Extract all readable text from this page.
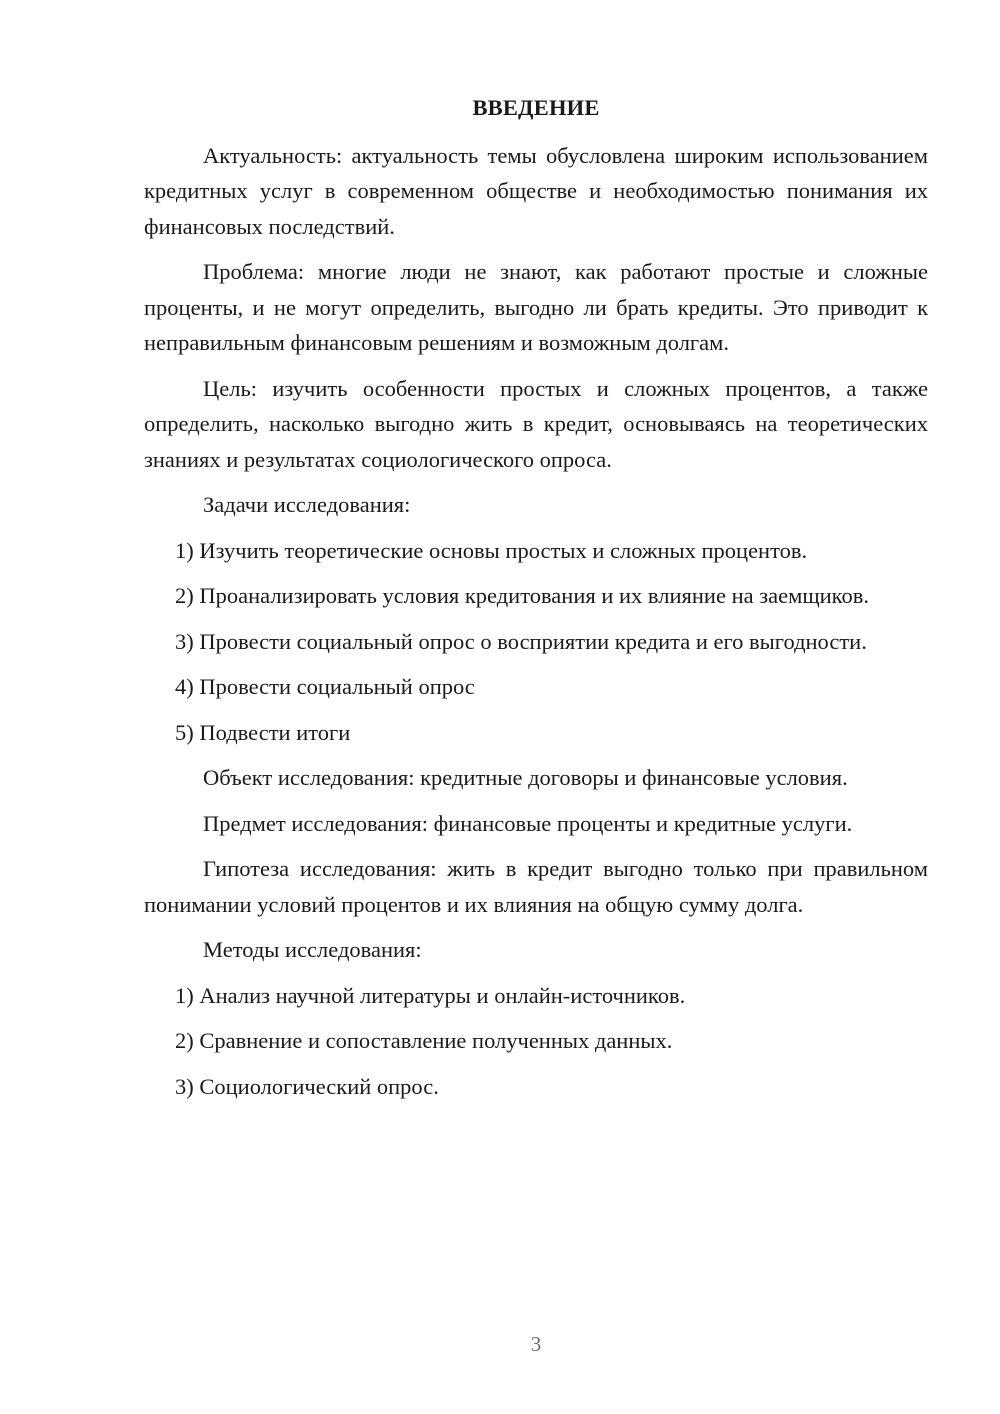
ВВЕДЕНИЕ

Актуальность: актуальность темы обусловлена широким использованием кредитных услуг в современном обществе и необходимостью понимания их финансовых последствий.

Проблема: многие люди не знают, как работают простые и сложные проценты, и не могут определить, выгодно ли брать кредиты. Это приводит к неправильным финансовым решениям и возможным долгам.

Цель: изучить особенности простых и сложных процентов, а также определить, насколько выгодно жить в кредит, основываясь на теоретических знаниях и результатах социологического опроса.

Задачи исследования:

1) Изучить теоретические основы простых и сложных процентов.

2) Проанализировать условия кредитования и их влияние на заемщиков.

3) Провести социальный опрос о восприятии кредита и его выгодности.

4) Провести социальный опрос

5) Подвести итоги

Объект исследования: кредитные договоры и финансовые условия.

Предмет исследования: финансовые проценты и кредитные услуги.

Гипотеза исследования: жить в кредит выгодно только при правильном понимании условий процентов и их влияния на общую сумму долга.

Методы исследования:

1) Анализ научной литературы и онлайн-источников.

2) Сравнение и сопоставление полученных данных.

3) Социологический опрос.

3
